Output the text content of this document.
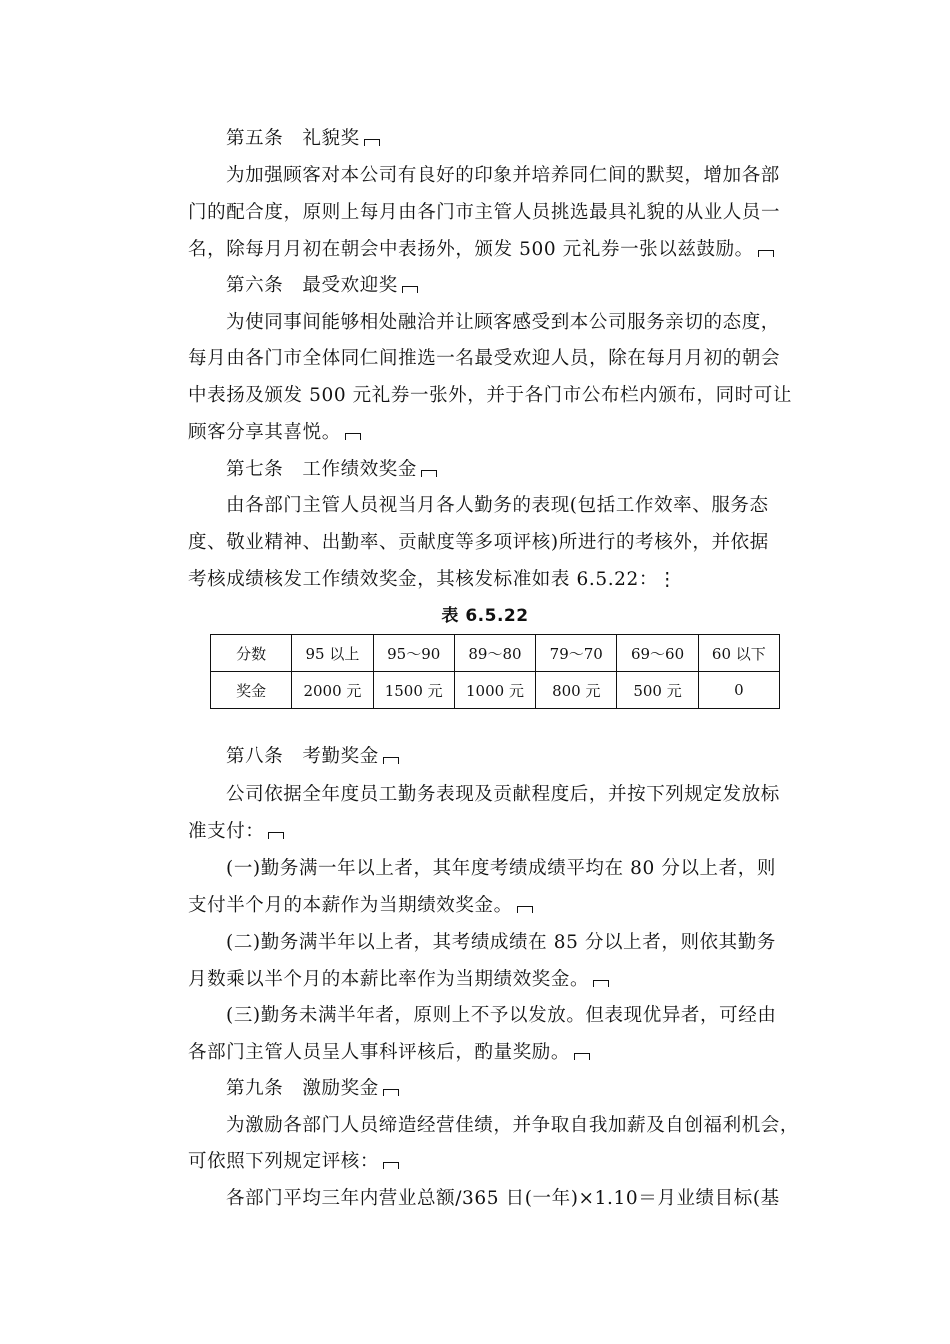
第五条　礼貌奖
为加强顾客对本公司有良好的印象并培养同仁间的默契，增加各部
门的配合度，原则上每月由各门市主管人员挑选最具礼貌的从业人员一
名，除每月月初在朝会中表扬外，颁发 500 元礼券一张以兹鼓励。
第六条　最受欢迎奖
为使同事间能够相处融洽并让顾客感受到本公司服务亲切的态度，
每月由各门市全体同仁间推选一名最受欢迎人员，除在每月月初的朝会
中表扬及颁发 500 元礼券一张外，并于各门市公布栏内颁布，同时可让
顾客分享其喜悦。
第七条　工作绩效奖金
由各部门主管人员视当月各人勤务的表现(包括工作效率、服务态
度、敬业精神、出勤率、贡献度等多项评核)所进行的考核外，并依据
考核成绩核发工作绩效奖金，其核发标准如表 6.5.22：⋮
表 6.5.22
分数	95 以上	95～90	89～80	79～70	69～60	60 以下
奖金	2000 元	1500 元	1000 元	800 元	500 元	0
第八条　考勤奖金
公司依据全年度员工勤务表现及贡献程度后，并按下列规定发放标
准支付：
(一)勤务满一年以上者，其年度考绩成绩平均在 80 分以上者，则
支付半个月的本薪作为当期绩效奖金。
(二)勤务满半年以上者，其考绩成绩在 85 分以上者，则依其勤务
月数乘以半个月的本薪比率作为当期绩效奖金。
(三)勤务未满半年者，原则上不予以发放。但表现优异者，可经由
各部门主管人员呈人事科评核后，酌量奖励。
第九条　激励奖金
为激励各部门人员缔造经营佳绩，并争取自我加薪及自创福利机会，
可依照下列规定评核：
各部门平均三年内营业总额/365 日(一年)×1.10＝月业绩目标(基
